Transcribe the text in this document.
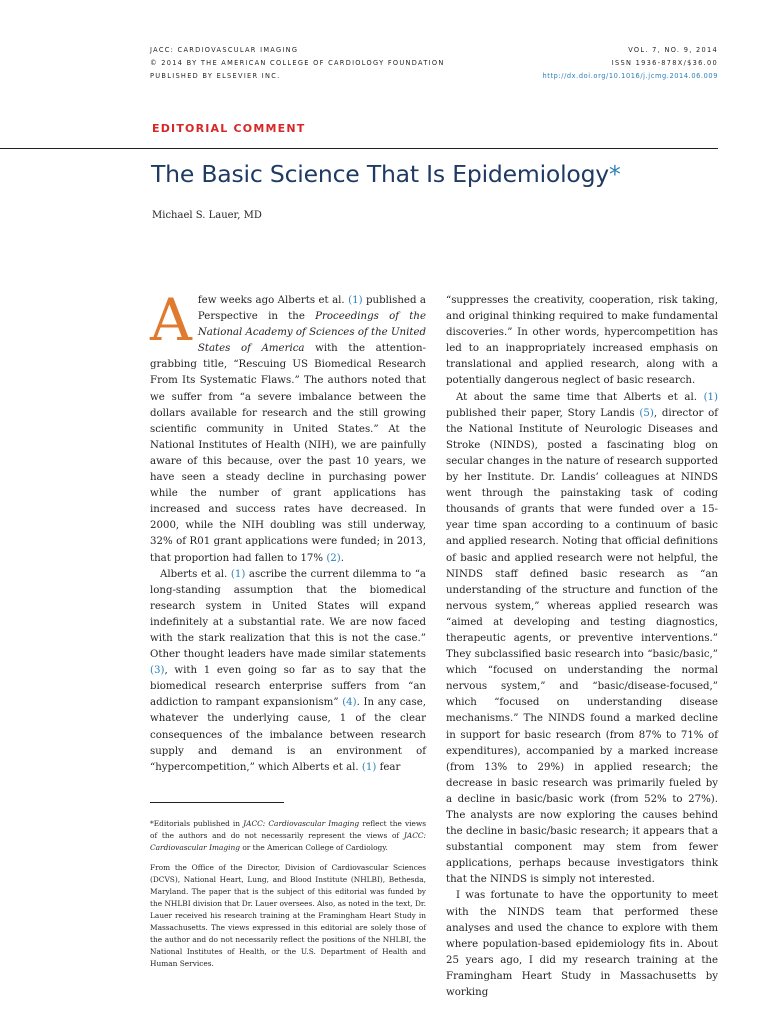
JACC: CARDIOVASCULAR IMAGING
© 2014 BY THE AMERICAN COLLEGE OF CARDIOLOGY FOUNDATION
PUBLISHED BY ELSEVIER INC.
VOL. 7, NO. 9, 2014
ISSN 1936-878X/$36.00
http://dx.doi.org/10.1016/j.jcmg.2014.06.009
EDITORIAL COMMENT
The Basic Science That Is Epidemiology*
Michael S. Lauer, MD

Afew weeks ago Alberts et al. (1) published a Perspective in the Proceedings of the National Academy of Sciences of the United States of America with the attention-grabbing title, “Rescuing US Biomedical Research From Its Systematic Flaws.” The authors noted that we suffer from “a severe imbalance between the dollars available for research and the still growing scientific community in United States.” At the National Institutes of Health (NIH), we are painfully aware of this because, over the past 10 years, we have seen a steady decline in purchasing power while the number of grant applications has increased and success rates have decreased. In 2000, while the NIH doubling was still underway, 32% of R01 grant applications were funded; in 2013, that proportion had fallen to 17% (2).

Alberts et al. (1) ascribe the current dilemma to “a long-standing assumption that the biomedical research system in United States will expand indefinitely at a substantial rate. We are now faced with the stark realization that this is not the case.” Other thought leaders have made similar statements (3), with 1 even going so far as to say that the biomedical research enterprise suffers from “an addiction to rampant expansionism” (4). In any case, whatever the underlying cause, 1 of the clear consequences of the imbalance between research supply and demand is an environment of “hypercompetition,” which Alberts et al. (1) fear

“suppresses the creativity, cooperation, risk taking, and original thinking required to make fundamental discoveries.” In other words, hypercompetition has led to an inappropriately increased emphasis on translational and applied research, along with a potentially dangerous neglect of basic research.

At about the same time that Alberts et al. (1) published their paper, Story Landis (5), director of the National Institute of Neurologic Diseases and Stroke (NINDS), posted a fascinating blog on secular changes in the nature of research supported by her Institute. Dr. Landis’ colleagues at NINDS went through the painstaking task of coding thousands of grants that were funded over a 15-year time span according to a continuum of basic and applied research. Noting that official definitions of basic and applied research were not helpful, the NINDS staff defined basic research as “an understanding of the structure and function of the nervous system,” whereas applied research was “aimed at developing and testing diagnostics, therapeutic agents, or preventive interventions.” They subclassified basic research into “basic/basic,” which “focused on understanding the normal nervous system,” and “basic/disease-focused,” which “focused on understanding disease mechanisms.” The NINDS found a marked decline in support for basic research (from 87% to 71% of expenditures), accompanied by a marked increase (from 13% to 29%) in applied research; the decrease in basic research was primarily fueled by a decline in basic/basic work (from 52% to 27%). The analysts are now exploring the causes behind the decline in basic/basic research; it appears that a substantial component may stem from fewer applications, perhaps because investigators think that the NINDS is simply not interested.

I was fortunate to have the opportunity to meet with the NINDS team that performed these analyses and used the chance to explore with them where population-based epidemiology fits in. About 25 years ago, I did my research training at the Framingham Heart Study in Massachusetts by working

*Editorials published in JACC: Cardiovascular Imaging reflect the views of the authors and do not necessarily represent the views of JACC: Cardiovascular Imaging or the American College of Cardiology.

From the Office of the Director, Division of Cardiovascular Sciences (DCVS), National Heart, Lung, and Blood Institute (NHLBI), Bethesda, Maryland. The paper that is the subject of this editorial was funded by the NHLBI division that Dr. Lauer oversees. Also, as noted in the text, Dr. Lauer received his research training at the Framingham Heart Study in Massachusetts. The views expressed in this editorial are solely those of the author and do not necessarily reflect the positions of the NHLBI, the National Institutes of Health, or the U.S. Department of Health and Human Services.
